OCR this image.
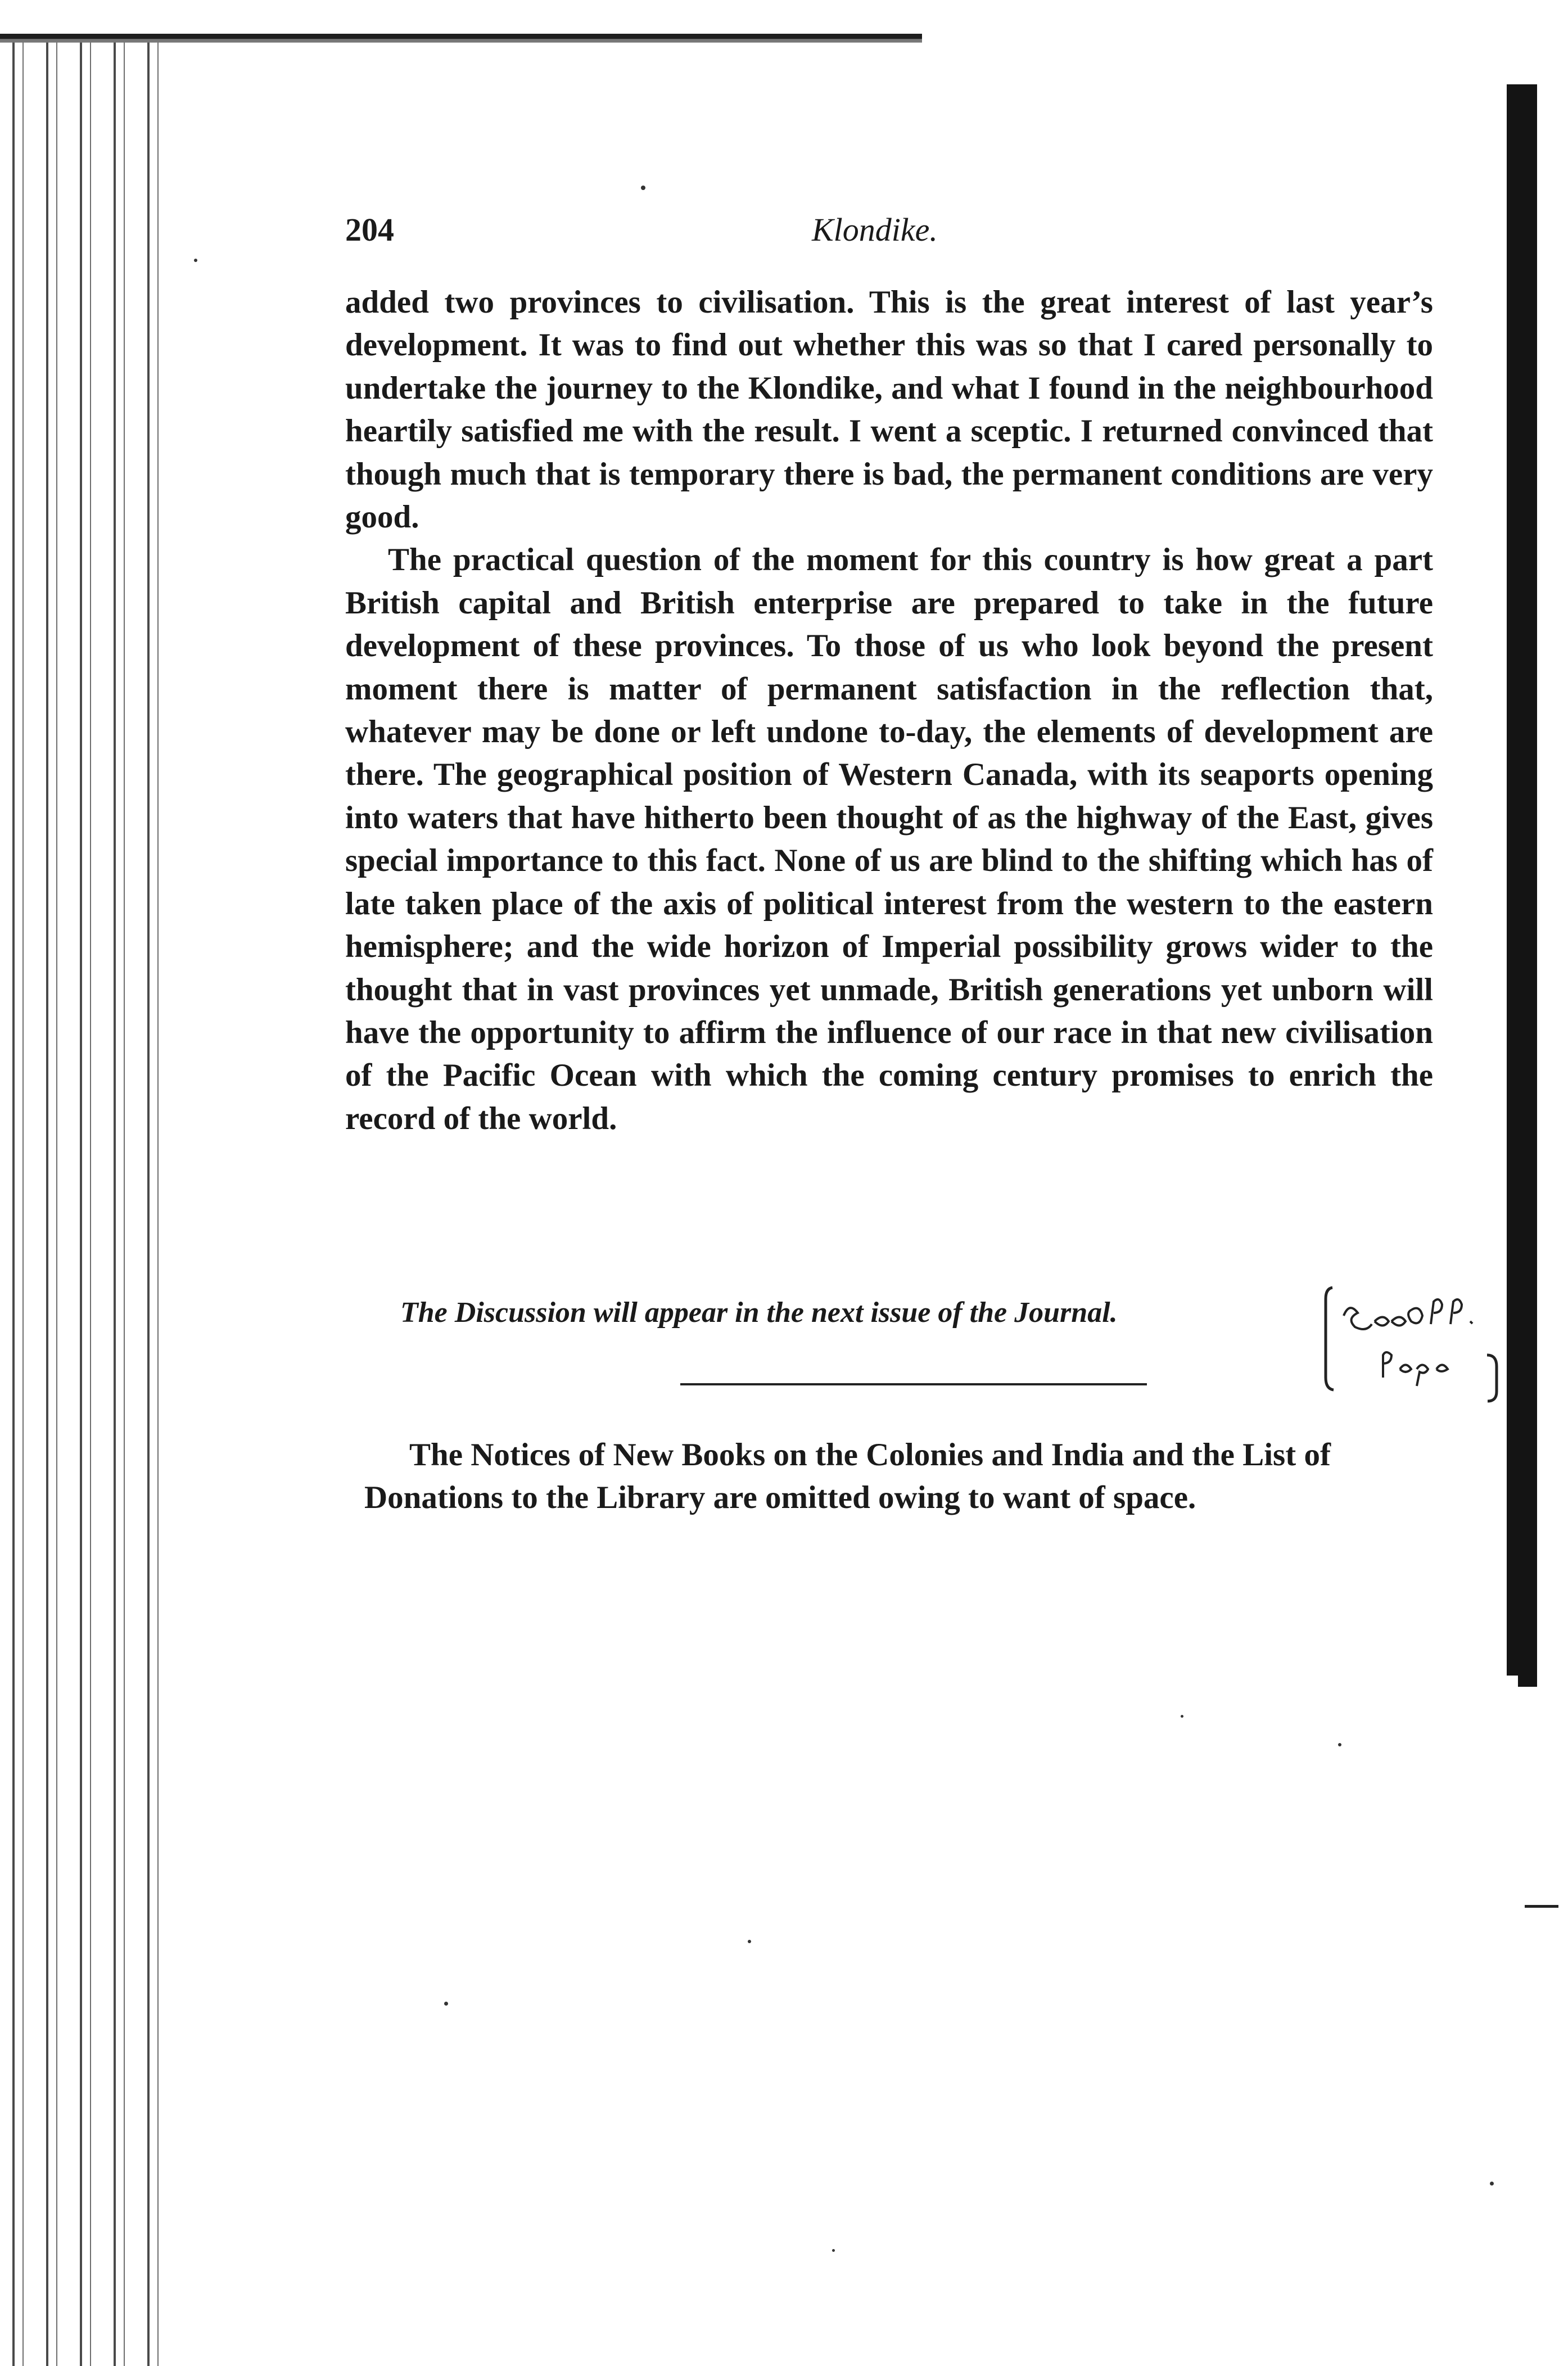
204	Klondike.

added two provinces to civilisation. This is the great interest of last year’s development. It was to find out whether this was so that I cared personally to undertake the journey to the Klondike, and what I found in the neighbourhood heartily satisfied me with the result. I went a sceptic. I returned convinced that though much that is temporary there is bad, the permanent conditions are very good.

The practical question of the moment for this country is how great a part British capital and British enterprise are prepared to take in the future development of these provinces. To those of us who look beyond the present moment there is matter of permanent satisfaction in the reflection that, whatever may be done or left undone to-day, the elements of development are there. The geographical position of Western Canada, with its seaports opening into waters that have hitherto been thought of as the highway of the East, gives special importance to this fact. None of us are blind to the shifting which has of late taken place of the axis of political interest from the western to the eastern hemisphere; and the wide horizon of Imperial possibility grows wider to the thought that in vast provinces yet unmade, British generations yet unborn will have the opportunity to affirm the influence of our race in that new civilisation of the Pacific Ocean with which the coming century promises to enrich the record of the world.

The Discussion will appear in the next issue of the Journal.
The Notices of New Books on the Colonies and India and the List of Donations to the Library are omitted owing to want of space.
